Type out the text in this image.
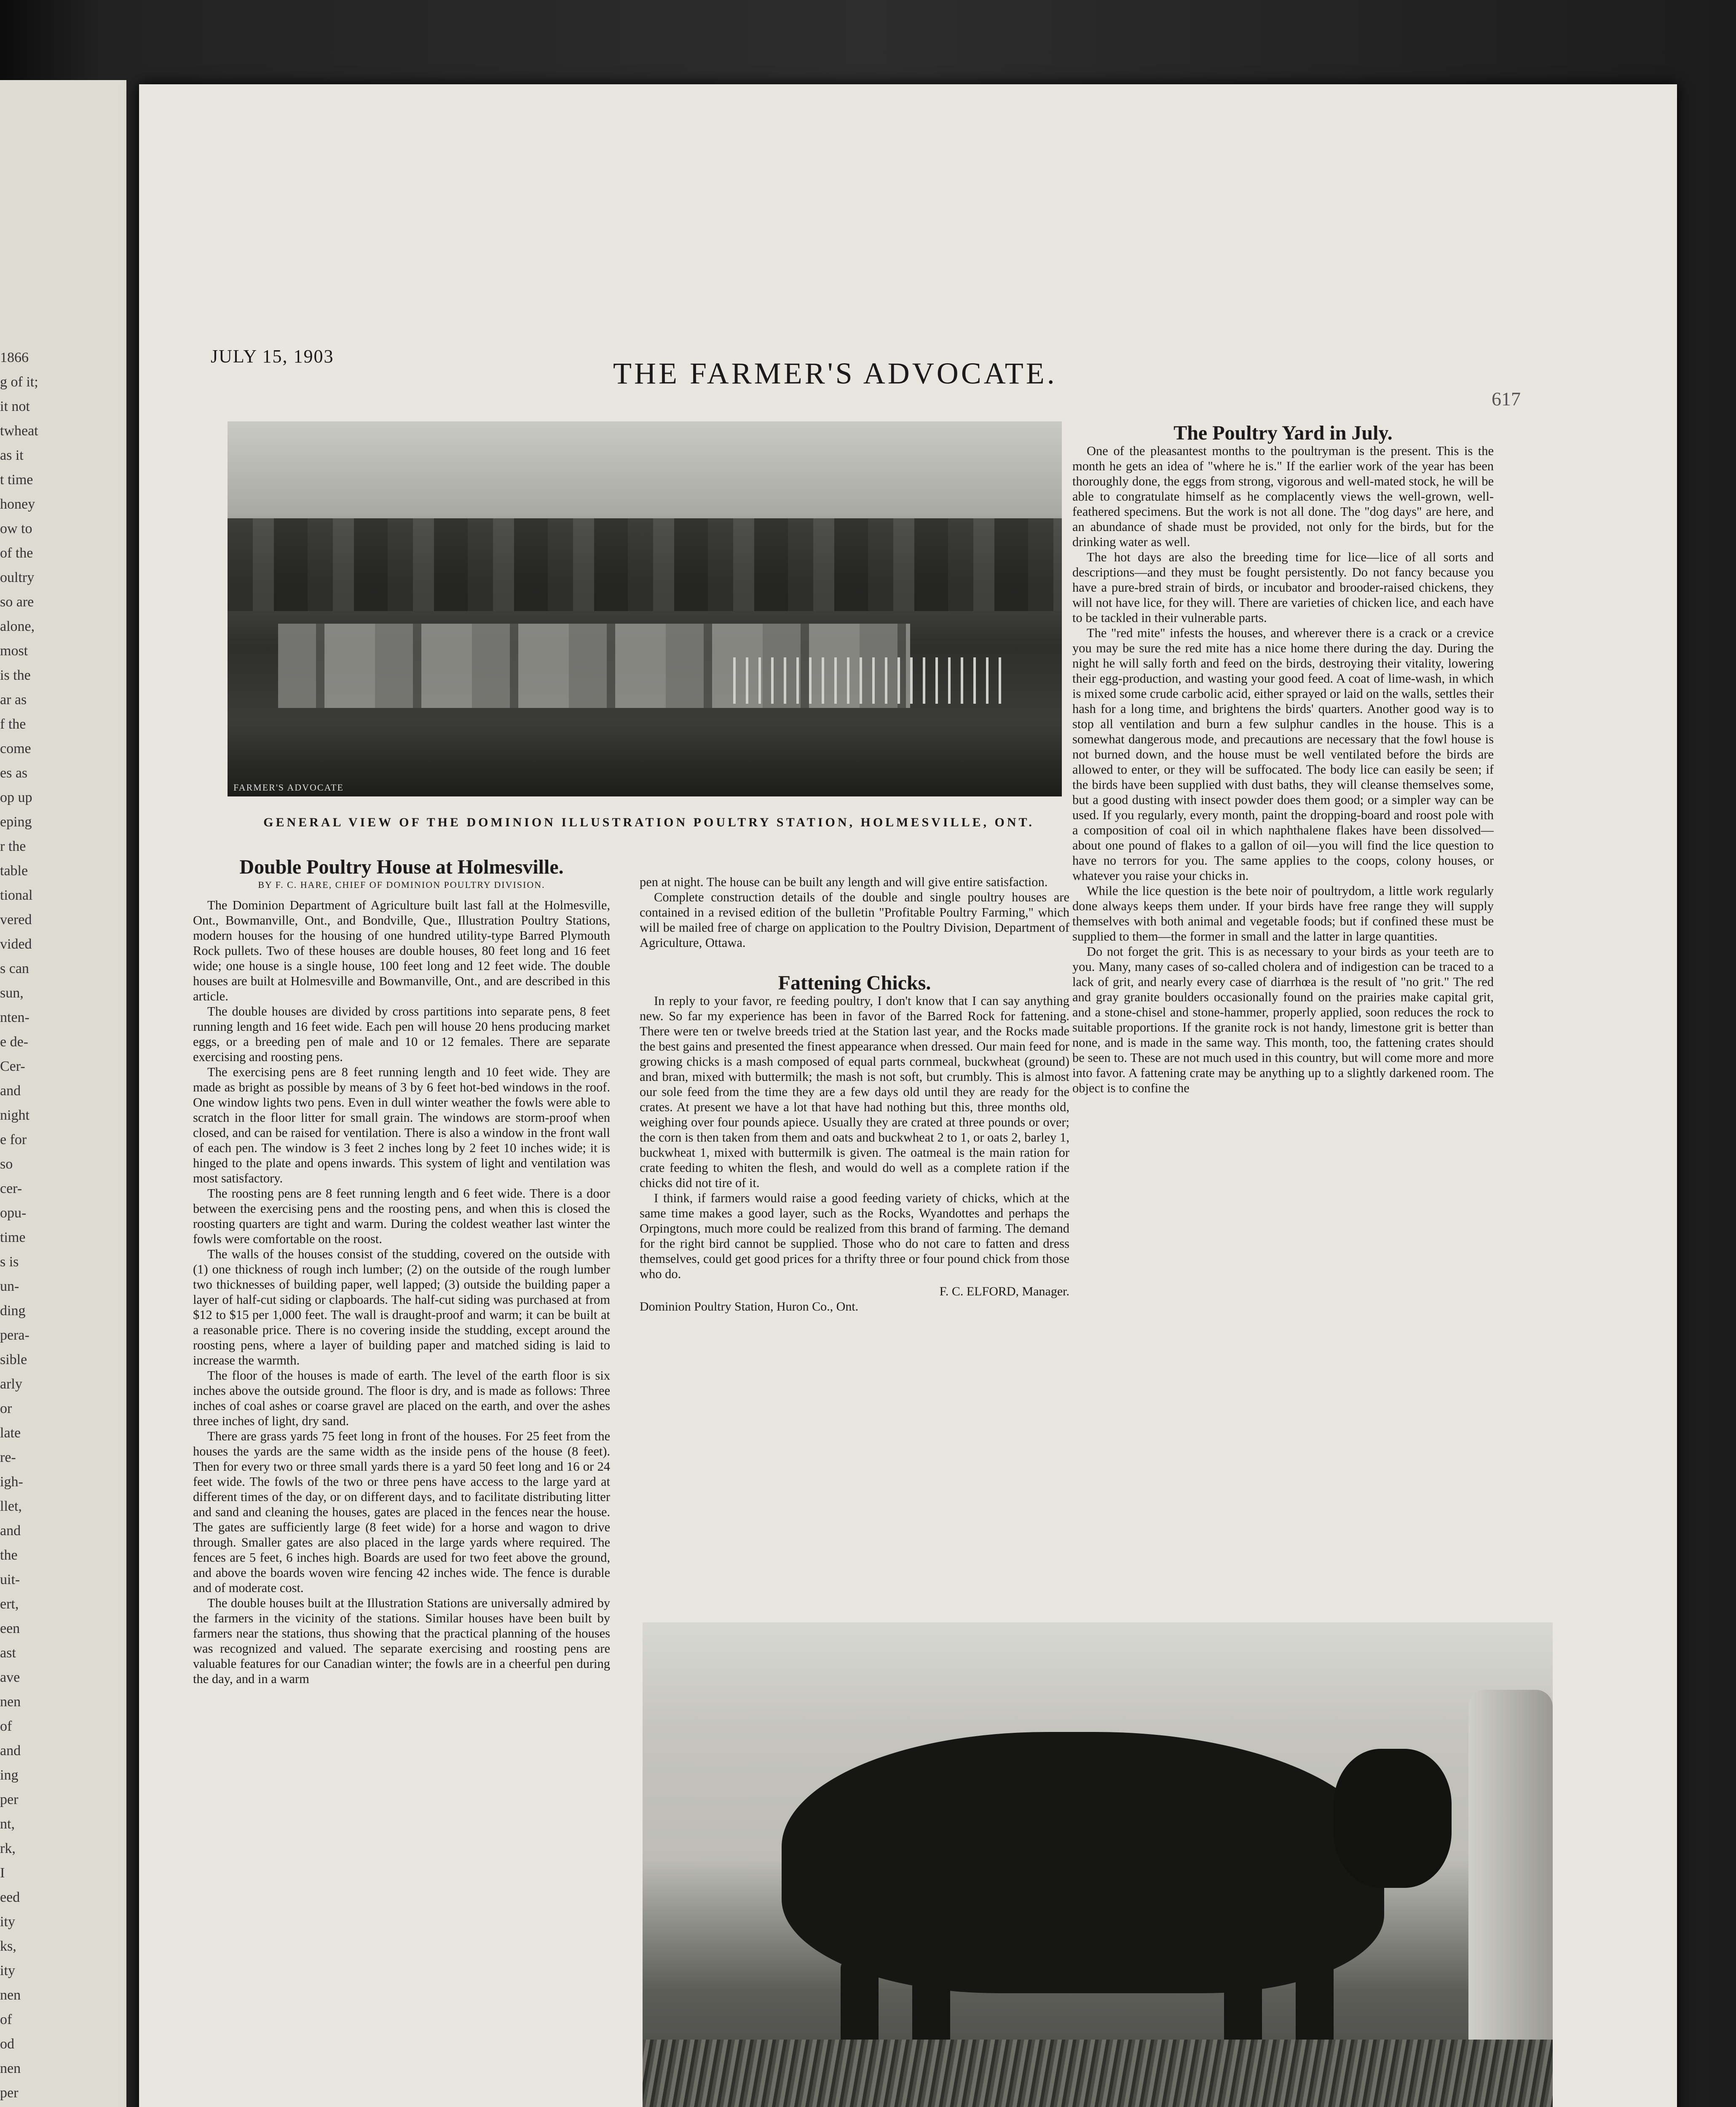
1866
g of it;
it not
twheat
as it
t time
honey
ow to
of the
oultry
so are
alone,
most
is the
ar as
f the
come
es as
op up
eping
r the
table
tional
vered
vided
s can
sun,
nten-
e de-
Cer-
and
night
e for
so
cer-
opu-
time
s is
un-
ding
pera-
sible
arly
or
late
re-
igh-
llet,
and
the
uit-
ert,
een
ast
ave
nen
of
and
ing
per
nt,
rk,
I
eed
ity
ks,
ity
nen
of
od
nen
per
JULY 15, 1903
THE FARMER'S ADVOCATE.
617
FARMER'S ADVOCATE
GENERAL VIEW OF THE DOMINION ILLUSTRATION POULTRY STATION, HOLMESVILLE, ONT.
Double Poultry House at Holmesville.
BY F. C. HARE, CHIEF OF DOMINION POULTRY DIVISION.

The Dominion Department of Agriculture built last fall at the Holmesville, Ont., Bowmanville, Ont., and Bondville, Que., Illustration Poultry Stations, modern houses for the housing of one hundred utility-type Barred Plymouth Rock pullets. Two of these houses are double houses, 80 feet long and 16 feet wide; one house is a single house, 100 feet long and 12 feet wide. The double houses are built at Holmesville and Bowmanville, Ont., and are described in this article.

The double houses are divided by cross partitions into separate pens, 8 feet running length and 16 feet wide. Each pen will house 20 hens producing market eggs, or a breeding pen of male and 10 or 12 females. There are separate exercising and roosting pens.

The exercising pens are 8 feet running length and 10 feet wide. They are made as bright as possible by means of 3 by 6 feet hot-bed windows in the roof. One window lights two pens. Even in dull winter weather the fowls were able to scratch in the floor litter for small grain. The windows are storm-proof when closed, and can be raised for ventilation. There is also a window in the front wall of each pen. The window is 3 feet 2 inches long by 2 feet 10 inches wide; it is hinged to the plate and opens inwards. This system of light and ventilation was most satisfactory.

The roosting pens are 8 feet running length and 6 feet wide. There is a door between the exercising pens and the roosting pens, and when this is closed the roosting quarters are tight and warm. During the coldest weather last winter the fowls were comfortable on the roost.

The walls of the houses consist of the studding, covered on the outside with (1) one thickness of rough inch lumber; (2) on the outside of the rough lumber two thicknesses of building paper, well lapped; (3) outside the building paper a layer of half-cut siding or clapboards. The half-cut siding was purchased at from $12 to $15 per 1,000 feet. The wall is draught-proof and warm; it can be built at a reasonable price. There is no covering inside the studding, except around the roosting pens, where a layer of building paper and matched siding is laid to increase the warmth.

The floor of the houses is made of earth. The level of the earth floor is six inches above the outside ground. The floor is dry, and is made as follows: Three inches of coal ashes or coarse gravel are placed on the earth, and over the ashes three inches of light, dry sand.

There are grass yards 75 feet long in front of the houses. For 25 feet from the houses the yards are the same width as the inside pens of the house (8 feet). Then for every two or three small yards there is a yard 50 feet long and 16 or 24 feet wide. The fowls of the two or three pens have access to the large yard at different times of the day, or on different days, and to facilitate distributing litter and sand and cleaning the houses, gates are placed in the fences near the house. The gates are sufficiently large (8 feet wide) for a horse and wagon to drive through. Smaller gates are also placed in the large yards where required. The fences are 5 feet, 6 inches high. Boards are used for two feet above the ground, and above the boards woven wire fencing 42 inches wide. The fence is durable and of moderate cost.

The double houses built at the Illustration Stations are universally admired by the farmers in the vicinity of the stations. Similar houses have been built by farmers near the stations, thus showing that the practical planning of the houses was recognized and valued. The separate exercising and roosting pens are valuable features for our Canadian winter; the fowls are in a cheerful pen during the day, and in a warm

pen at night. The house can be built any length and will give entire satisfaction.

Complete construction details of the double and single poultry houses are contained in a revised edition of the bulletin "Profitable Poultry Farming," which will be mailed free of charge on application to the Poultry Division, Department of Agriculture, Ottawa.

Fattening Chicks.

In reply to your favor, re feeding poultry, I don't know that I can say anything new. So far my experience has been in favor of the Barred Rock for fattening. There were ten or twelve breeds tried at the Station last year, and the Rocks made the best gains and presented the finest appearance when dressed. Our main feed for growing chicks is a mash composed of equal parts cornmeal, buckwheat (ground) and bran, mixed with buttermilk; the mash is not soft, but crumbly. This is almost our sole feed from the time they are a few days old until they are ready for the crates. At present we have a lot that have had nothing but this, three months old, weighing over four pounds apiece. Usually they are crated at three pounds or over; the corn is then taken from them and oats and buckwheat 2 to 1, or oats 2, barley 1, buckwheat 1, mixed with buttermilk is given. The oatmeal is the main ration for crate feeding to whiten the flesh, and would do well as a complete ration if the chicks did not tire of it.

I think, if farmers would raise a good feeding variety of chicks, which at the same time makes a good layer, such as the Rocks, Wyandottes and perhaps the Orpingtons, much more could be realized from this brand of farming. The demand for the right bird cannot be supplied. Those who do not care to fatten and dress themselves, could get good prices for a thrifty three or four pound chick from those who do.

F. C. ELFORD, Manager.
Dominion Poultry Station, Huron Co., Ont.
The Poultry Yard in July.

One of the pleasantest months to the poultryman is the present. This is the month he gets an idea of "where he is." If the earlier work of the year has been thoroughly done, the eggs from strong, vigorous and well-mated stock, he will be able to congratulate himself as he complacently views the well-grown, well-feathered specimens. But the work is not all done. The "dog days" are here, and an abundance of shade must be provided, not only for the birds, but for the drinking water as well.

The hot days are also the breeding time for lice—lice of all sorts and descriptions—and they must be fought persistently. Do not fancy because you have a pure-bred strain of birds, or incubator and brooder-raised chickens, they will not have lice, for they will. There are varieties of chicken lice, and each have to be tackled in their vulnerable parts.

The "red mite" infests the houses, and wherever there is a crack or a crevice you may be sure the red mite has a nice home there during the day. During the night he will sally forth and feed on the birds, destroying their vitality, lowering their egg-production, and wasting your good feed. A coat of lime-wash, in which is mixed some crude carbolic acid, either sprayed or laid on the walls, settles their hash for a long time, and brightens the birds' quarters. Another good way is to stop all ventilation and burn a few sulphur candles in the house. This is a somewhat dangerous mode, and precautions are necessary that the fowl house is not burned down, and the house must be well ventilated before the birds are allowed to enter, or they will be suffocated. The body lice can easily be seen; if the birds have been supplied with dust baths, they will cleanse themselves some, but a good dusting with insect powder does them good; or a simpler way can be used. If you regularly, every month, paint the dropping-board and roost pole with a composition of coal oil in which naphthalene flakes have been dissolved—about one pound of flakes to a gallon of oil—you will find the lice question to have no terrors for you. The same applies to the coops, colony houses, or whatever you raise your chicks in.

While the lice question is the bete noir of poultrydom, a little work regularly done always keeps them under. If your birds have free range they will supply themselves with both animal and vegetable foods; but if confined these must be supplied to them—the former in small and the latter in large quantities.

Do not forget the grit. This is as necessary to your birds as your teeth are to you. Many, many cases of so-called cholera and of indigestion can be traced to a lack of grit, and nearly every case of diarrhœa is the result of "no grit." The red and gray granite boulders occasionally found on the prairies make capital grit, and a stone-chisel and stone-hammer, properly applied, soon reduces the rock to suitable proportions. If the granite rock is not handy, limestone grit is better than none, and is made in the same way. This month, too, the fattening crates should be seen to. These are not much used in this country, but will come more and more into favor. A fattening crate may be anything up to a slightly darkened room. The object is to confine the
